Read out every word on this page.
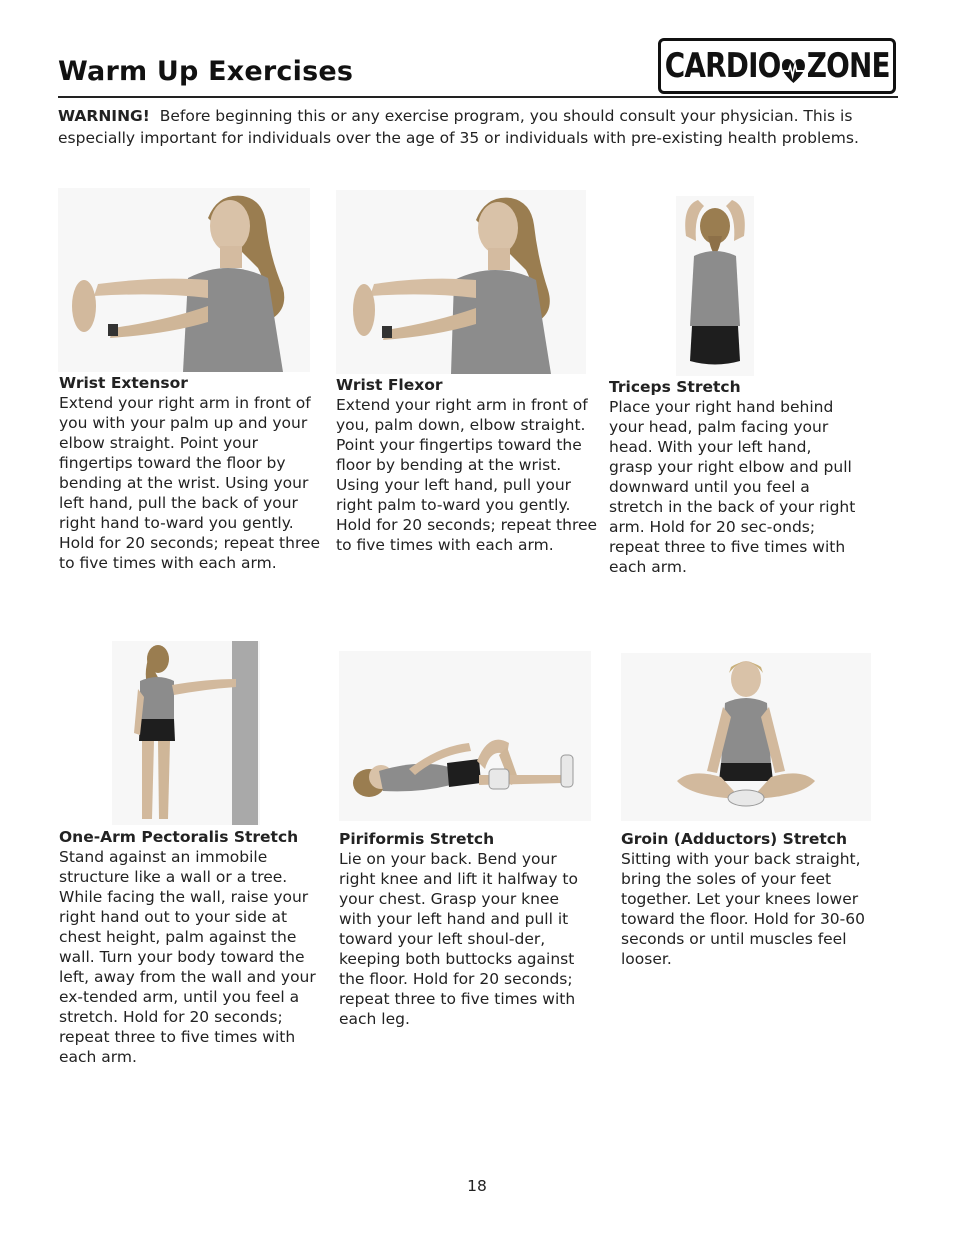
Warm Up Exercises	CARDIO ZONE
WARNING! Before beginning this or any exercise program, you should consult your physician. This is especially important for individuals over the age of 35 or individuals with pre-existing health problems.
Wrist Extensor
Extend your right arm in front of you with your palm up and your elbow straight. Point your fingertips toward the floor by bending at the wrist. Using your left hand, pull the back of your right hand to-ward you gently. Hold for 20 seconds; repeat three to five times with each arm.
Wrist Flexor
Extend your right arm in front of you, palm down, elbow straight. Point your fingertips toward the floor by bending at the wrist. Using your left hand, pull your right palm to-ward you gently. Hold for 20 seconds; repeat three to five times with each arm.
Triceps Stretch
Place your right hand behind your head, palm facing your head. With your left hand, grasp your right elbow and pull downward until you feel a stretch in the back of your right arm. Hold for 20 sec-onds; repeat three to five times with each arm.
One-Arm Pectoralis Stretch
Stand against an immobile structure like a wall or a tree. While facing the wall, raise your right hand out to your side at chest height, palm against the wall. Turn your body toward the left, away from the wall and your ex-tended arm, until you feel a stretch. Hold for 20 seconds; repeat three to five times with each arm.
Piriformis Stretch
Lie on your back. Bend your right knee and lift it halfway to your chest. Grasp your knee with your left hand and pull it toward your left shoul-der, keeping both buttocks against the floor. Hold for 20 seconds; repeat three to five times with each leg.
Groin (Adductors) Stretch
Sitting with your back straight, bring the soles of your feet together. Let your knees lower toward the floor. Hold for 30-60 seconds or until muscles feel looser.
18
